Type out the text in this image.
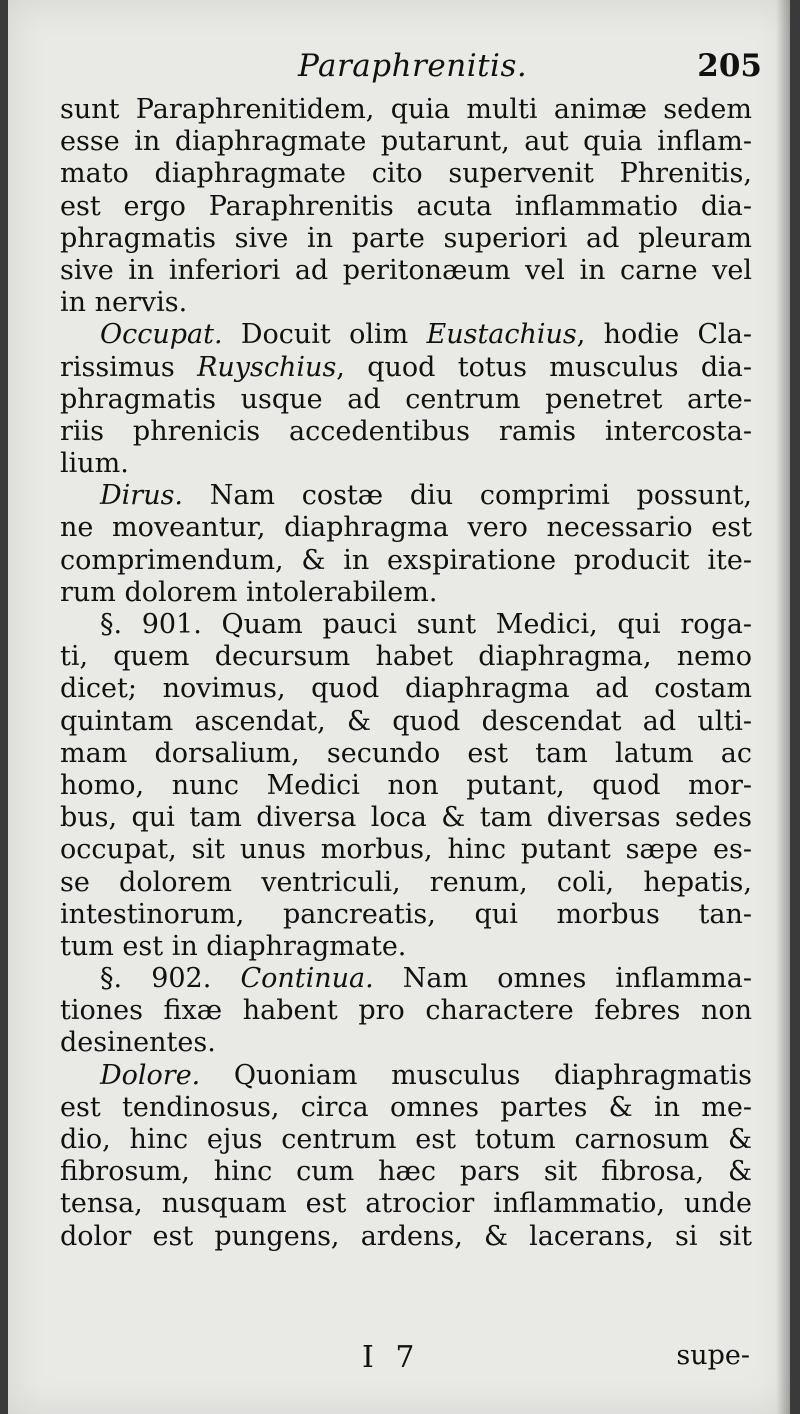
Paraphrenitis.	205
sunt Paraphrenitidem, quia multi animæ sedem
esse in diaphragmate putarunt, aut quia inflam-
mato diaphragmate cito supervenit Phrenitis,
est ergo Paraphrenitis acuta inflammatio dia-
phragmatis sive in parte superiori ad pleuram
sive in inferiori ad peritonæum vel in carne vel
in nervis.
Occupat. Docuit olim Eustachius, hodie Cla-
rissimus Ruyschius, quod totus musculus dia-
phragmatis usque ad centrum penetret arte-
riis phrenicis accedentibus ramis intercosta-
lium.
Dirus. Nam costæ diu comprimi possunt,
ne moveantur, diaphragma vero necessario est
comprimendum, & in exspiratione producit ite-
rum dolorem intolerabilem.
§. 901. Quam pauci sunt Medici, qui roga-
ti, quem decursum habet diaphragma, nemo
dicet; novimus, quod diaphragma ad costam
quintam ascendat, & quod descendat ad ulti-
mam dorsalium, secundo est tam latum ac
homo, nunc Medici non putant, quod mor-
bus, qui tam diversa loca & tam diversas sedes
occupat, sit unus morbus, hinc putant sæpe es-
se dolorem ventriculi, renum, coli, hepatis,
intestinorum, pancreatis, qui morbus tan-
tum est in diaphragmate.
§. 902. Continua. Nam omnes inflamma-
tiones fixæ habent pro charactere febres non
desinentes.
Dolore. Quoniam musculus diaphragmatis
est tendinosus, circa omnes partes & in me-
dio, hinc ejus centrum est totum carnosum &
fibrosum, hinc cum hæc pars sit fibrosa, &
tensa, nusquam est atrocior inflammatio, unde
dolor est pungens, ardens, & lacerans, si sit
I 7	supe-
